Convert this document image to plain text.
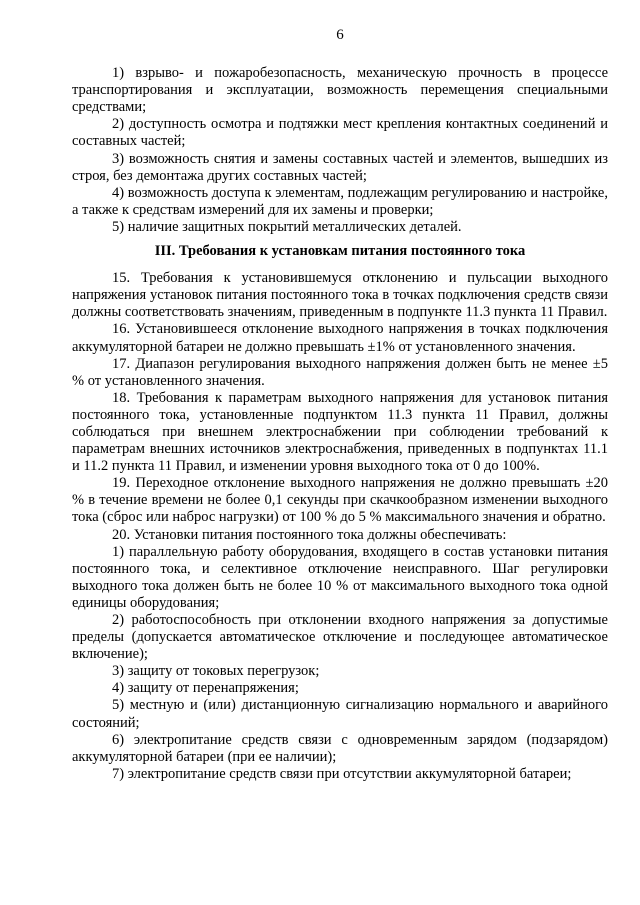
6

1) взрыво- и пожаробезопасность, механическую прочность в процессе транспортирования и эксплуатации, возможность перемещения специальными средствами;

2) доступность осмотра и подтяжки мест крепления контактных соединений и составных частей;

3) возможность снятия и замены составных частей и элементов, вышедших из строя, без демонтажа других составных частей;

4) возможность доступа к элементам, подлежащим регулированию и настройке, а также к средствам измерений для их замены и проверки;

5) наличие защитных покрытий металлических деталей.

III. Требования к установкам питания постоянного тока

15. Требования к установившемуся отклонению и пульсации выходного напряжения установок питания постоянного тока в точках подключения средств связи должны соответствовать значениям, приведенным в подпункте 11.3 пункта 11 Правил.

16. Установившееся отклонение выходного напряжения в точках подключения аккумуляторной батареи не должно превышать ±1% от установленного значения.

17. Диапазон регулирования выходного напряжения должен быть не менее ±5 % от установленного значения.

18. Требования к параметрам выходного напряжения для установок питания постоянного тока, установленные подпунктом 11.3 пункта 11 Правил, должны соблюдаться при внешнем электроснабжении при соблюдении требований к параметрам внешних источников электроснабжения, приведенных в подпунктах 11.1 и 11.2 пункта 11 Правил, и изменении уровня выходного тока от 0 до 100%.

19. Переходное отклонение выходного напряжения не должно превышать ±20 % в течение времени не более 0,1 секунды при скачкообразном изменении выходного тока (сброс или наброс нагрузки) от 100 % до 5 % максимального значения и обратно.

20. Установки питания постоянного тока должны обеспечивать:

1) параллельную работу оборудования, входящего в состав установки питания постоянного тока, и селективное отключение неисправного. Шаг регулировки выходного тока должен быть не более 10 % от максимального выходного тока одной единицы оборудования;

2) работоспособность при отклонении входного напряжения за допустимые пределы (допускается автоматическое отключение и последующее автоматическое включение);

3) защиту от токовых перегрузок;

4) защиту от перенапряжения;

5) местную и (или) дистанционную сигнализацию нормального и аварийного состояний;

6) электропитание средств связи с одновременным зарядом (подзарядом) аккумуляторной батареи (при ее наличии);

7) электропитание средств связи при отсутствии аккумуляторной батареи;
